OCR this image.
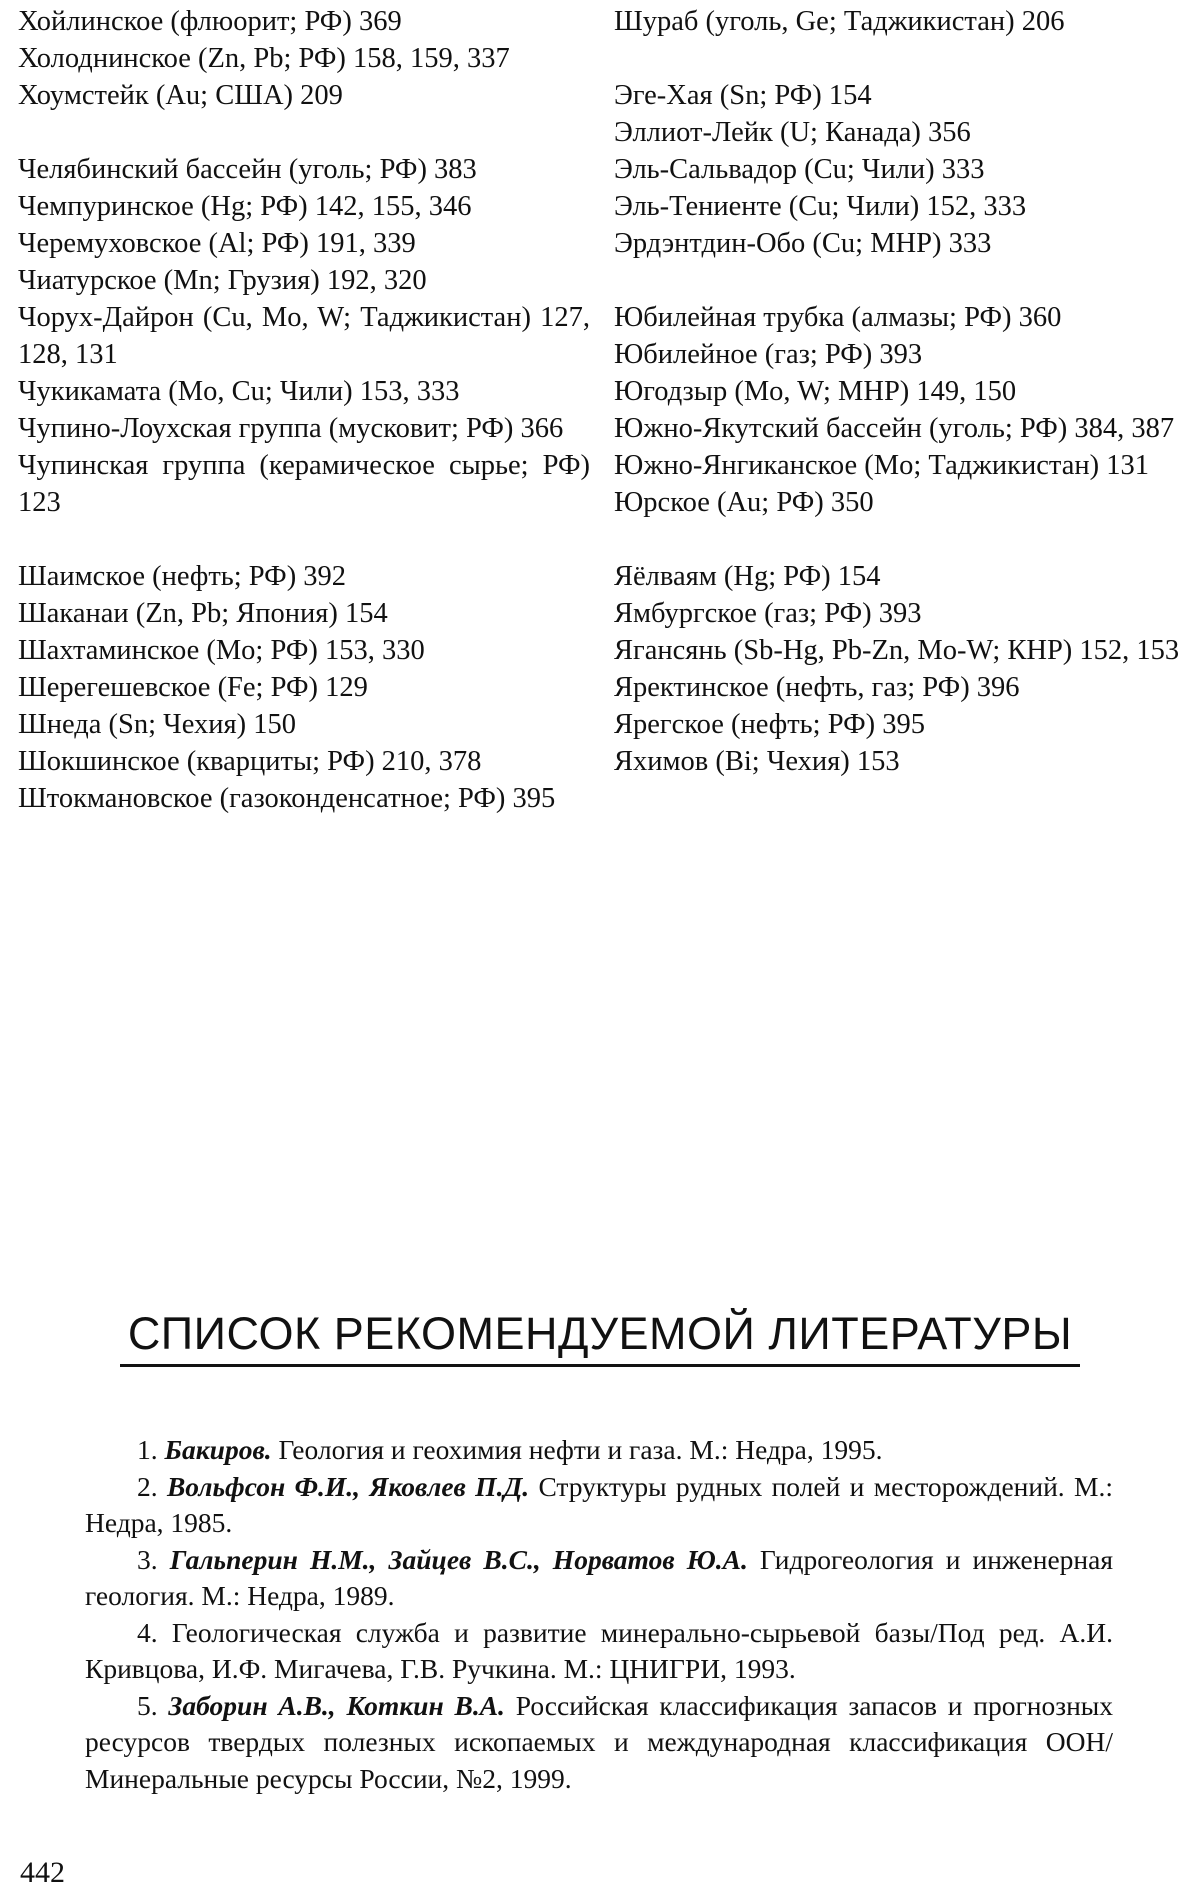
Хойлинское (флюорит; РФ) 369
Холоднинское (Zn, Pb; РФ) 158, 159, 337
Хоумстейк (Au; США) 209
Челябинский бассейн (уголь; РФ) 383
Чемпуринское (Hg; РФ) 142, 155, 346
Черемуховское (Al; РФ) 191, 339
Чиатурское (Mn; Грузия) 192, 320
Чорух-Дайрон (Cu, Mo, W; Таджикистан) 127, 128, 131
Чукикамата (Mo, Cu; Чили) 153, 333
Чупино-Лоухская группа (мусковит; РФ) 366
Чупинская группа (керамическое сырье; РФ) 123
Шаимское (нефть; РФ) 392
Шаканаи (Zn, Pb; Япония) 154
Шахтаминское (Mo; РФ) 153, 330
Шерегешевское (Fe; РФ) 129
Шнеда (Sn; Чехия) 150
Шокшинское (кварциты; РФ) 210, 378
Штокмановское (газоконденсатное; РФ) 395
Шураб (уголь, Ge; Таджикистан) 206
Эге-Хая (Sn; РФ) 154
Эллиот-Лейк (U; Канада) 356
Эль-Сальвадор (Cu; Чили) 333
Эль-Тениенте (Cu; Чили) 152, 333
Эрдэнтдин-Обо (Cu; МНР) 333
Юбилейная трубка (алмазы; РФ) 360
Юбилейное (газ; РФ) 393
Югодзыр (Mo, W; МНР) 149, 150
Южно-Якутский бассейн (уголь; РФ) 384, 387
Южно-Янгиканское (Mo; Таджикистан) 131
Юрское (Au; РФ) 350
Яёлваям (Hg; РФ) 154
Ямбургское (газ; РФ) 393
Ягансянь (Sb-Hg, Pb-Zn, Mo-W; КНР) 152, 153
Яректинское (нефть, газ; РФ) 396
Ярегское (нефть; РФ) 395
Яхимов (Bi; Чехия) 153
СПИСОК РЕКОМЕНДУЕМОЙ ЛИТЕРАТУРЫ
1. Бакиров. Геология и геохимия нефти и газа. М.: Недра, 1995.
2. Вольфсон Ф.И., Яковлев П.Д. Структуры рудных полей и месторождений. М.: Недра, 1985.
3. Гальперин Н.М., Зайцев В.С., Норватов Ю.А. Гидрогеология и инженерная геология. М.: Недра, 1989.
4. Геологическая служба и развитие минерально-сырьевой базы/Под ред. А.И. Кривцова, И.Ф. Мигачева, Г.В. Ручкина. М.: ЦНИГРИ, 1993.
5. Заборин А.В., Коткин В.А. Российская классификация запасов и прогнозных ресурсов твердых полезных ископаемых и международная классификация ООН/Минеральные ресурсы России, №2, 1999.
442
